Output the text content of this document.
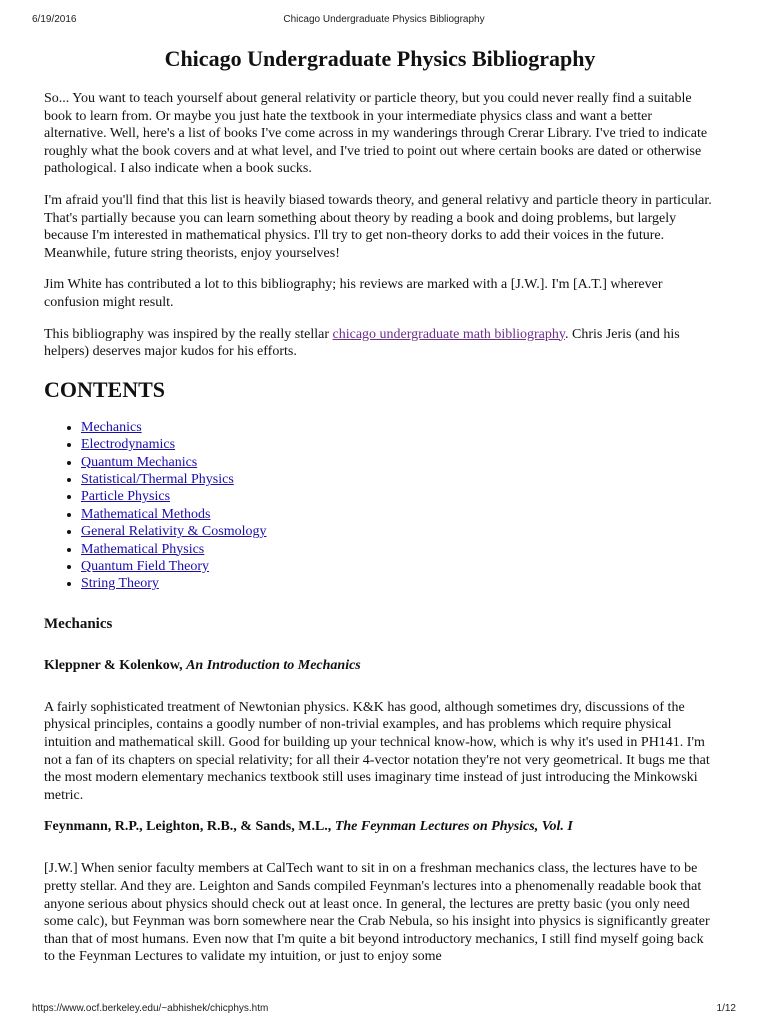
6/19/2016	Chicago Undergraduate Physics Bibliography
Chicago Undergraduate Physics Bibliography

So... You want to teach yourself about general relativity or particle theory, but you could never really find a suitable book to learn from. Or maybe you just hate the textbook in your intermediate physics class and want a better alternative. Well, here's a list of books I've come across in my wanderings through Crerar Library. I've tried to indicate roughly what the book covers and at what level, and I've tried to point out where certain books are dated or otherwise pathological. I also indicate when a book sucks.

I'm afraid you'll find that this list is heavily biased towards theory, and general relativy and particle theory in particular. That's partially because you can learn something about theory by reading a book and doing problems, but largely because I'm interested in mathematical physics. I'll try to get non-theory dorks to add their voices in the future. Meanwhile, future string theorists, enjoy yourselves!

Jim White has contributed a lot to this bibliography; his reviews are marked with a [J.W.]. I'm [A.T.] wherever confusion might result.

This bibliography was inspired by the really stellar chicago undergraduate math bibliography. Chris Jeris (and his helpers) deserves major kudos for his efforts.

CONTENTS
• Mechanics
• Electrodynamics
• Quantum Mechanics
• Statistical/Thermal Physics
• Particle Physics
• Mathematical Methods
• General Relativity & Cosmology
• Mathematical Physics
• Quantum Field Theory
• String Theory
Mechanics
Kleppner & Kolenkow, An Introduction to Mechanics

A fairly sophisticated treatment of Newtonian physics. K&K has good, although sometimes dry, discussions of the physical principles, contains a goodly number of non-trivial examples, and has problems which require physical intuition and mathematical skill. Good for building up your technical know-how, which is why it's used in PH141. I'm not a fan of its chapters on special relativity; for all their 4-vector notation they're not very geometrical. It bugs me that the most modern elementary mechanics textbook still uses imaginary time instead of just introducing the Minkowski metric.

Feynmann, R.P., Leighton, R.B., & Sands, M.L., The Feynman Lectures on Physics, Vol. I

[J.W.] When senior faculty members at CalTech want to sit in on a freshman mechanics class, the lectures have to be pretty stellar. And they are. Leighton and Sands compiled Feynman's lectures into a phenomenally readable book that anyone serious about physics should check out at least once. In general, the lectures are pretty basic (you only need some calc), but Feynman was born somewhere near the Crab Nebula, so his insight into physics is significantly greater than that of most humans. Even now that I'm quite a bit beyond introductory mechanics, I still find myself going back to the Feynman Lectures to validate my intuition, or just to enjoy some

https://www.ocf.berkeley.edu/~abhishek/chicphys.htm	1/12
